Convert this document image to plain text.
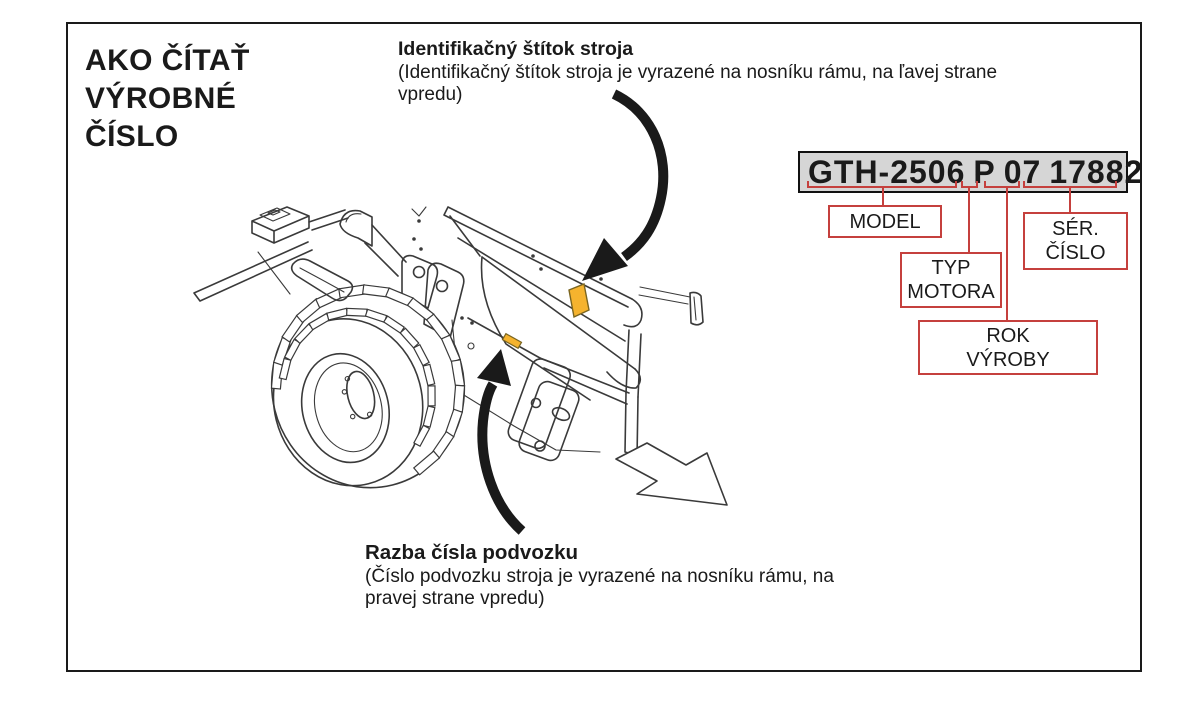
AKO ČÍTAŤ
VÝROBNÉ
ČÍSLO
Identifikačný štítok stroja
(Identifikačný štítok stroja je vyrazené na nosníku rámu, na ľavej strane
vpredu)
Razba čísla podvozku
(Číslo podvozku stroja je vyrazené na nosníku rámu, na
pravej strane vpredu)
GTH-2506 P 07 17882
MODEL
TYP
MOTORA
ROK
VÝROBY
SÉR.
ČÍSLO
